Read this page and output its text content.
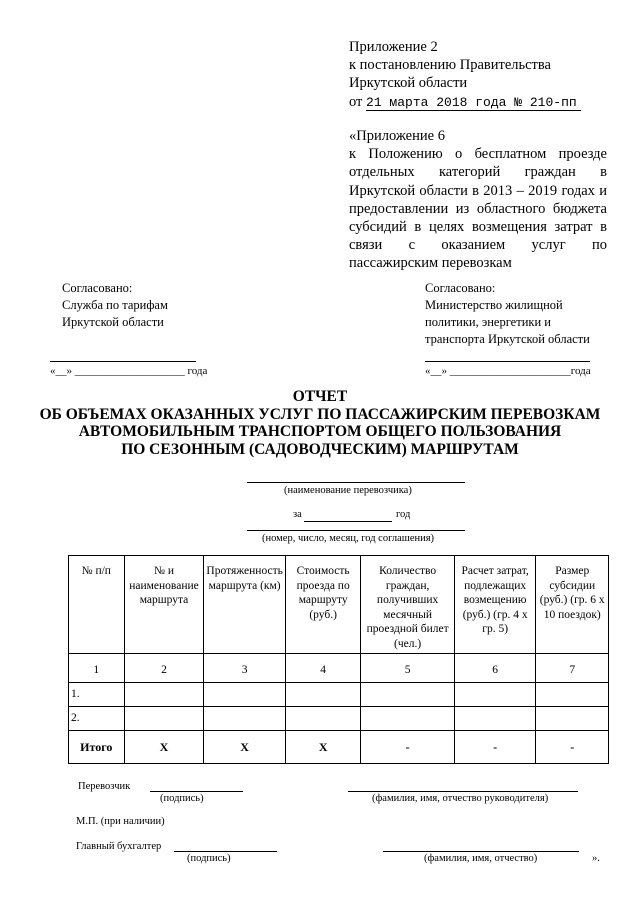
Приложение 2
к постановлению Правительства
Иркутской области
от 21 марта 2018 года № 210-пп
«Приложение 6
к Положению о бесплатном проезде отдельных категорий граждан в Иркутской области в 2013 – 2019 годах и предоставлении из областного бюджета субсидий в целях возмещения затрат в связи с оказанием услуг по пассажирским перевозкам
Согласовано:
Служба по тарифам
Иркутской области
«__» ____________________ года
Согласовано:
Министерство жилищной
политики, энергетики и
транспорта Иркутской области
«__» ______________________года
ОТЧЕТ
ОБ ОБЪЕМАХ ОКАЗАННЫХ УСЛУГ ПО ПАССАЖИРСКИМ ПЕРЕВОЗКАМ
АВТОМОБИЛЬНЫМ ТРАНСПОРТОМ ОБЩЕГО ПОЛЬЗОВАНИЯ
ПО СЕЗОННЫМ (САДОВОДЧЕСКИМ) МАРШРУТАМ
(наименование перевозчика)
за	год
(номер, число, месяц, год соглашения)
№ п/п	№ и наименование маршрута	Протяженность маршрута (км)	Стоимость проезда по маршруту (руб.)	Количество граждан, получивших месячный проездной билет (чел.)	Расчет затрат, подлежащих возмещению (руб.) (гр. 4 х гр. 5)	Размер субсидии (руб.) (гр. 6 х 10 поездок)
1	2	3	4	5	6	7
1.						
2.						
Итого	Х	Х	Х	-	-	-
Перевозчик
(подпись)	(фамилия, имя, отчество руководителя)
М.П. (при наличии)
Главный бухгалтер
(подпись)	(фамилия, имя, отчество)	».
